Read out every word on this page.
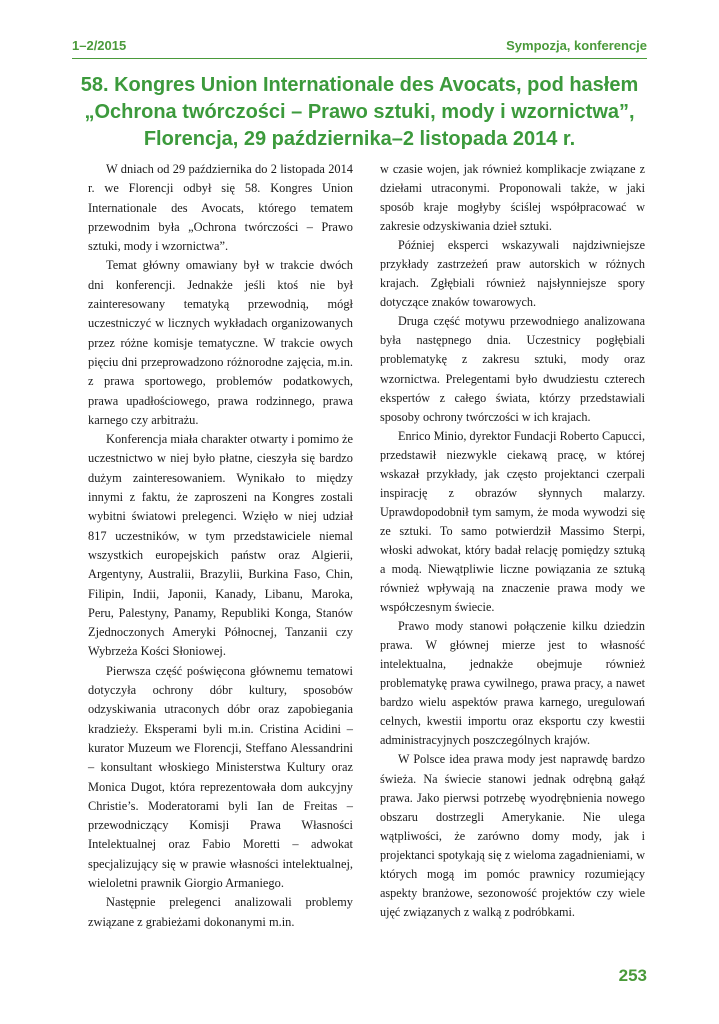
1–2/2015	Sympozja, konferencje
58. Kongres Union Internationale des Avocats, pod hasłem
„Ochrona twórczości – Prawo sztuki, mody i wzornictwa”,
Florencja, 29 października–2 listopada 2014 r.

W dniach od 29 października do 2 listopada 2014 r. we Florencji odbył się 58. Kongres Union Internationale des Avocats, którego tematem przewodnim była „Ochrona twórczości – Prawo sztuki, mody i wzornictwa”.

Temat główny omawiany był w trakcie dwóch dni konferencji. Jednakże jeśli ktoś nie był zainteresowany tematyką przewodnią, mógł uczestniczyć w licznych wykładach organizowanych przez różne komisje tematyczne. W trakcie owych pięciu dni przeprowadzono różnorodne zajęcia, m.in. z prawa sportowego, problemów podatkowych, prawa upadłościowego, prawa rodzinnego, prawa karnego czy arbitrażu.

Konferencja miała charakter otwarty i pomimo że uczestnictwo w niej było płatne, cieszyła się bardzo dużym zainteresowaniem. Wynikało to między innymi z faktu, że zaproszeni na Kongres zostali wybitni światowi prelegenci. Wzięło w niej udział 817 uczestników, w tym przedstawiciele niemal wszystkich europejskich państw oraz Algierii, Argentyny, Australii, Brazylii, Burkina Faso, Chin, Filipin, Indii, Japonii, Kanady, Libanu, Maroka, Peru, Palestyny, Panamy, Republiki Konga, Stanów Zjednoczonych Ameryki Północnej, Tanzanii czy Wybrzeża Kości Słoniowej.

Pierwsza część poświęcona głównemu tematowi dotyczyła ochrony dóbr kultury, sposobów odzyskiwania utraconych dóbr oraz zapobiegania kradzieży. Eksperami byli m.in. Cristina Acidini – kurator Muzeum we Florencji, Steffano Alessandrini – konsultant włoskiego Ministerstwa Kultury oraz Monica Dugot, która reprezentowała dom aukcyjny Christie’s. Moderatorami byli Ian de Freitas – przewodniczący Komisji Prawa Własności Intelektualnej oraz Fabio Moretti – adwokat specjalizujący się w prawie własności intelektualnej, wieloletni prawnik Giorgio Armaniego.

Następnie prelegenci analizowali problemy związane z grabieżami dokonanymi m.in.

w czasie wojen, jak również komplikacje związane z dziełami utraconymi. Proponowali także, w jaki sposób kraje mogłyby ściślej współpracować w zakresie odzyskiwania dzieł sztuki.

Później eksperci wskazywali najdziwniejsze przykłady zastrzeżeń praw autorskich w różnych krajach. Zgłębiali również najsłynniejsze spory dotyczące znaków towarowych.

Druga część motywu przewodniego analizowana była następnego dnia. Uczestnicy pogłębiali problematykę z zakresu sztuki, mody oraz wzornictwa. Prelegentami było dwudziestu czterech ekspertów z całego świata, którzy przedstawiali sposoby ochrony twórczości w ich krajach.

Enrico Minio, dyrektor Fundacji Roberto Capucci, przedstawił niezwykle ciekawą pracę, w której wskazał przykłady, jak często projektanci czerpali inspirację z obrazów słynnych malarzy. Uprawdopodobnił tym samym, że moda wywodzi się ze sztuki. To samo potwierdził Massimo Sterpi, włoski adwokat, który badał relację pomiędzy sztuką a modą. Niewątpliwie liczne powiązania ze sztuką również wpływają na znaczenie prawa mody we współczesnym świecie.

Prawo mody stanowi połączenie kilku dziedzin prawa. W głównej mierze jest to własność intelektualna, jednakże obejmuje również problematykę prawa cywilnego, prawa pracy, a nawet bardzo wielu aspektów prawa karnego, uregulowań celnych, kwestii importu oraz eksportu czy kwestii administracyjnych poszczególnych krajów.

W Polsce idea prawa mody jest naprawdę bardzo świeża. Na świecie stanowi jednak odrębną gałąź prawa. Jako pierwsi potrzebę wyodrębnienia nowego obszaru dostrzegli Amerykanie. Nie ulega wątpliwości, że zarówno domy mody, jak i projektanci spotykają się z wieloma zagadnieniami, w których mogą im pomóc prawnicy rozumiejący aspekty branżowe, sezonowość projektów czy wiele ujęć związanych z walką z podróbkami.

253
